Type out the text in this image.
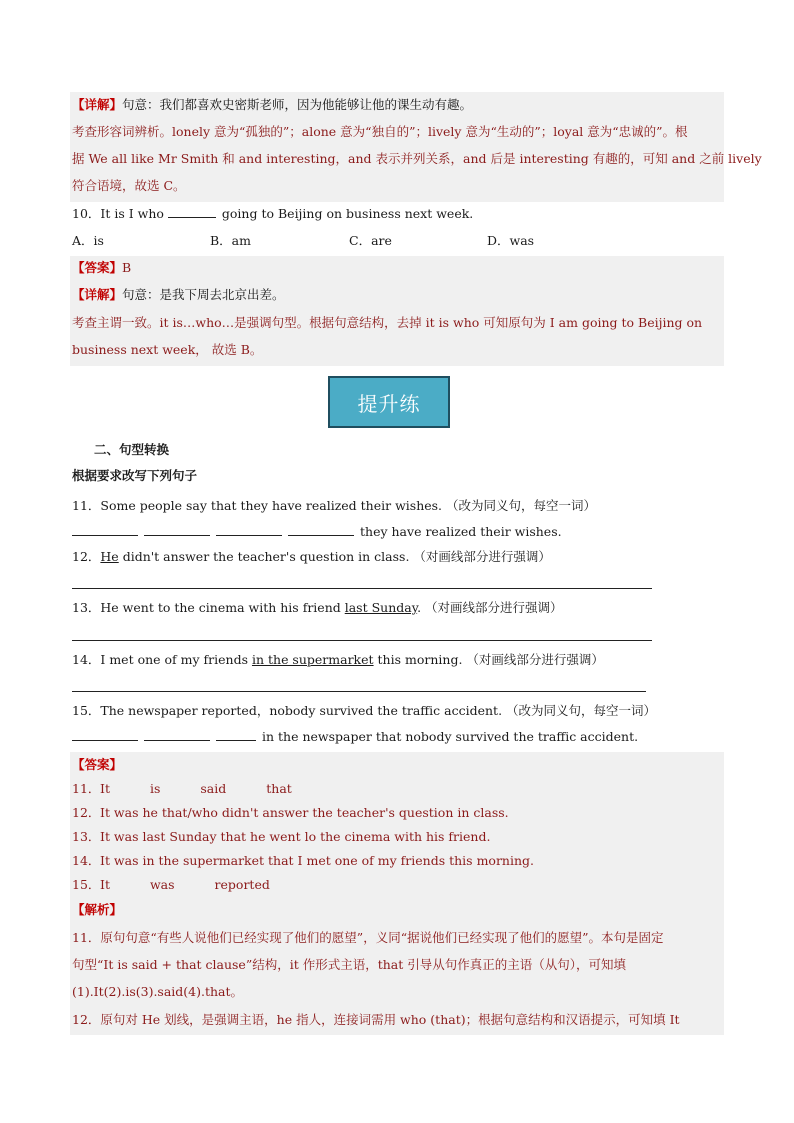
【详解】句意：我们都喜欢史密斯老师，因为他能够让他的课生动有趣。
考查形容词辨析。lonely 意为“孤独的”；alone 意为“独自的”；lively 意为“生动的”；loyal 意为“忠诚的”。根
据 We all like Mr Smith 和 and interesting，and 表示并列关系，and 后是 interesting 有趣的，可知 and 之前 lively
符合语境，故选 C。
10．It is I who	going to Beijing on business next week.
A．is	B．am	C．are	D．was
【答案】B
【详解】句意：是我下周去北京出差。
考查主谓一致。it is…who…是强调句型。根据句意结构，去掉 it is who 可知原句为 I am going to Beijing on
business next week， 故选 B。
提升练
二、句型转换
根据要求改写下列句子
11．Some people say that they have realized their wishes. （改为同义句，每空一词）
they have realized their wishes.
12．He didn't answer the teacher's question in class. （对画线部分进行强调）
13．He went to the cinema with his friend last Sunday. （对画线部分进行强调）
14．I met one of my friends in the supermarket this morning. （对画线部分进行强调）
15．The newspaper reported，nobody survived the traffic accident. （改为同义句，每空一词）
in the newspaper that nobody survived the traffic accident.
【答案】
11．It	is	said	that
12．It was he that/who didn't answer the teacher's question in class.
13．It was last Sunday that he went lo the cinema with his friend.
14．It was in the supermarket that I met one of my friends this morning.
15．It	was	reported
【解析】
11．原句句意“有些人说他们已经实现了他们的愿望”，义同“据说他们已经实现了他们的愿望”。本句是固定
句型“It is said + that clause”结构，it 作形式主语，that 引导从句作真正的主语（从句），可知填
(1).It(2).is(3).said(4).that。
12．原句对 He 划线，是强调主语，he 指人，连接词需用 who (that)；根据句意结构和汉语提示，可知填 It
